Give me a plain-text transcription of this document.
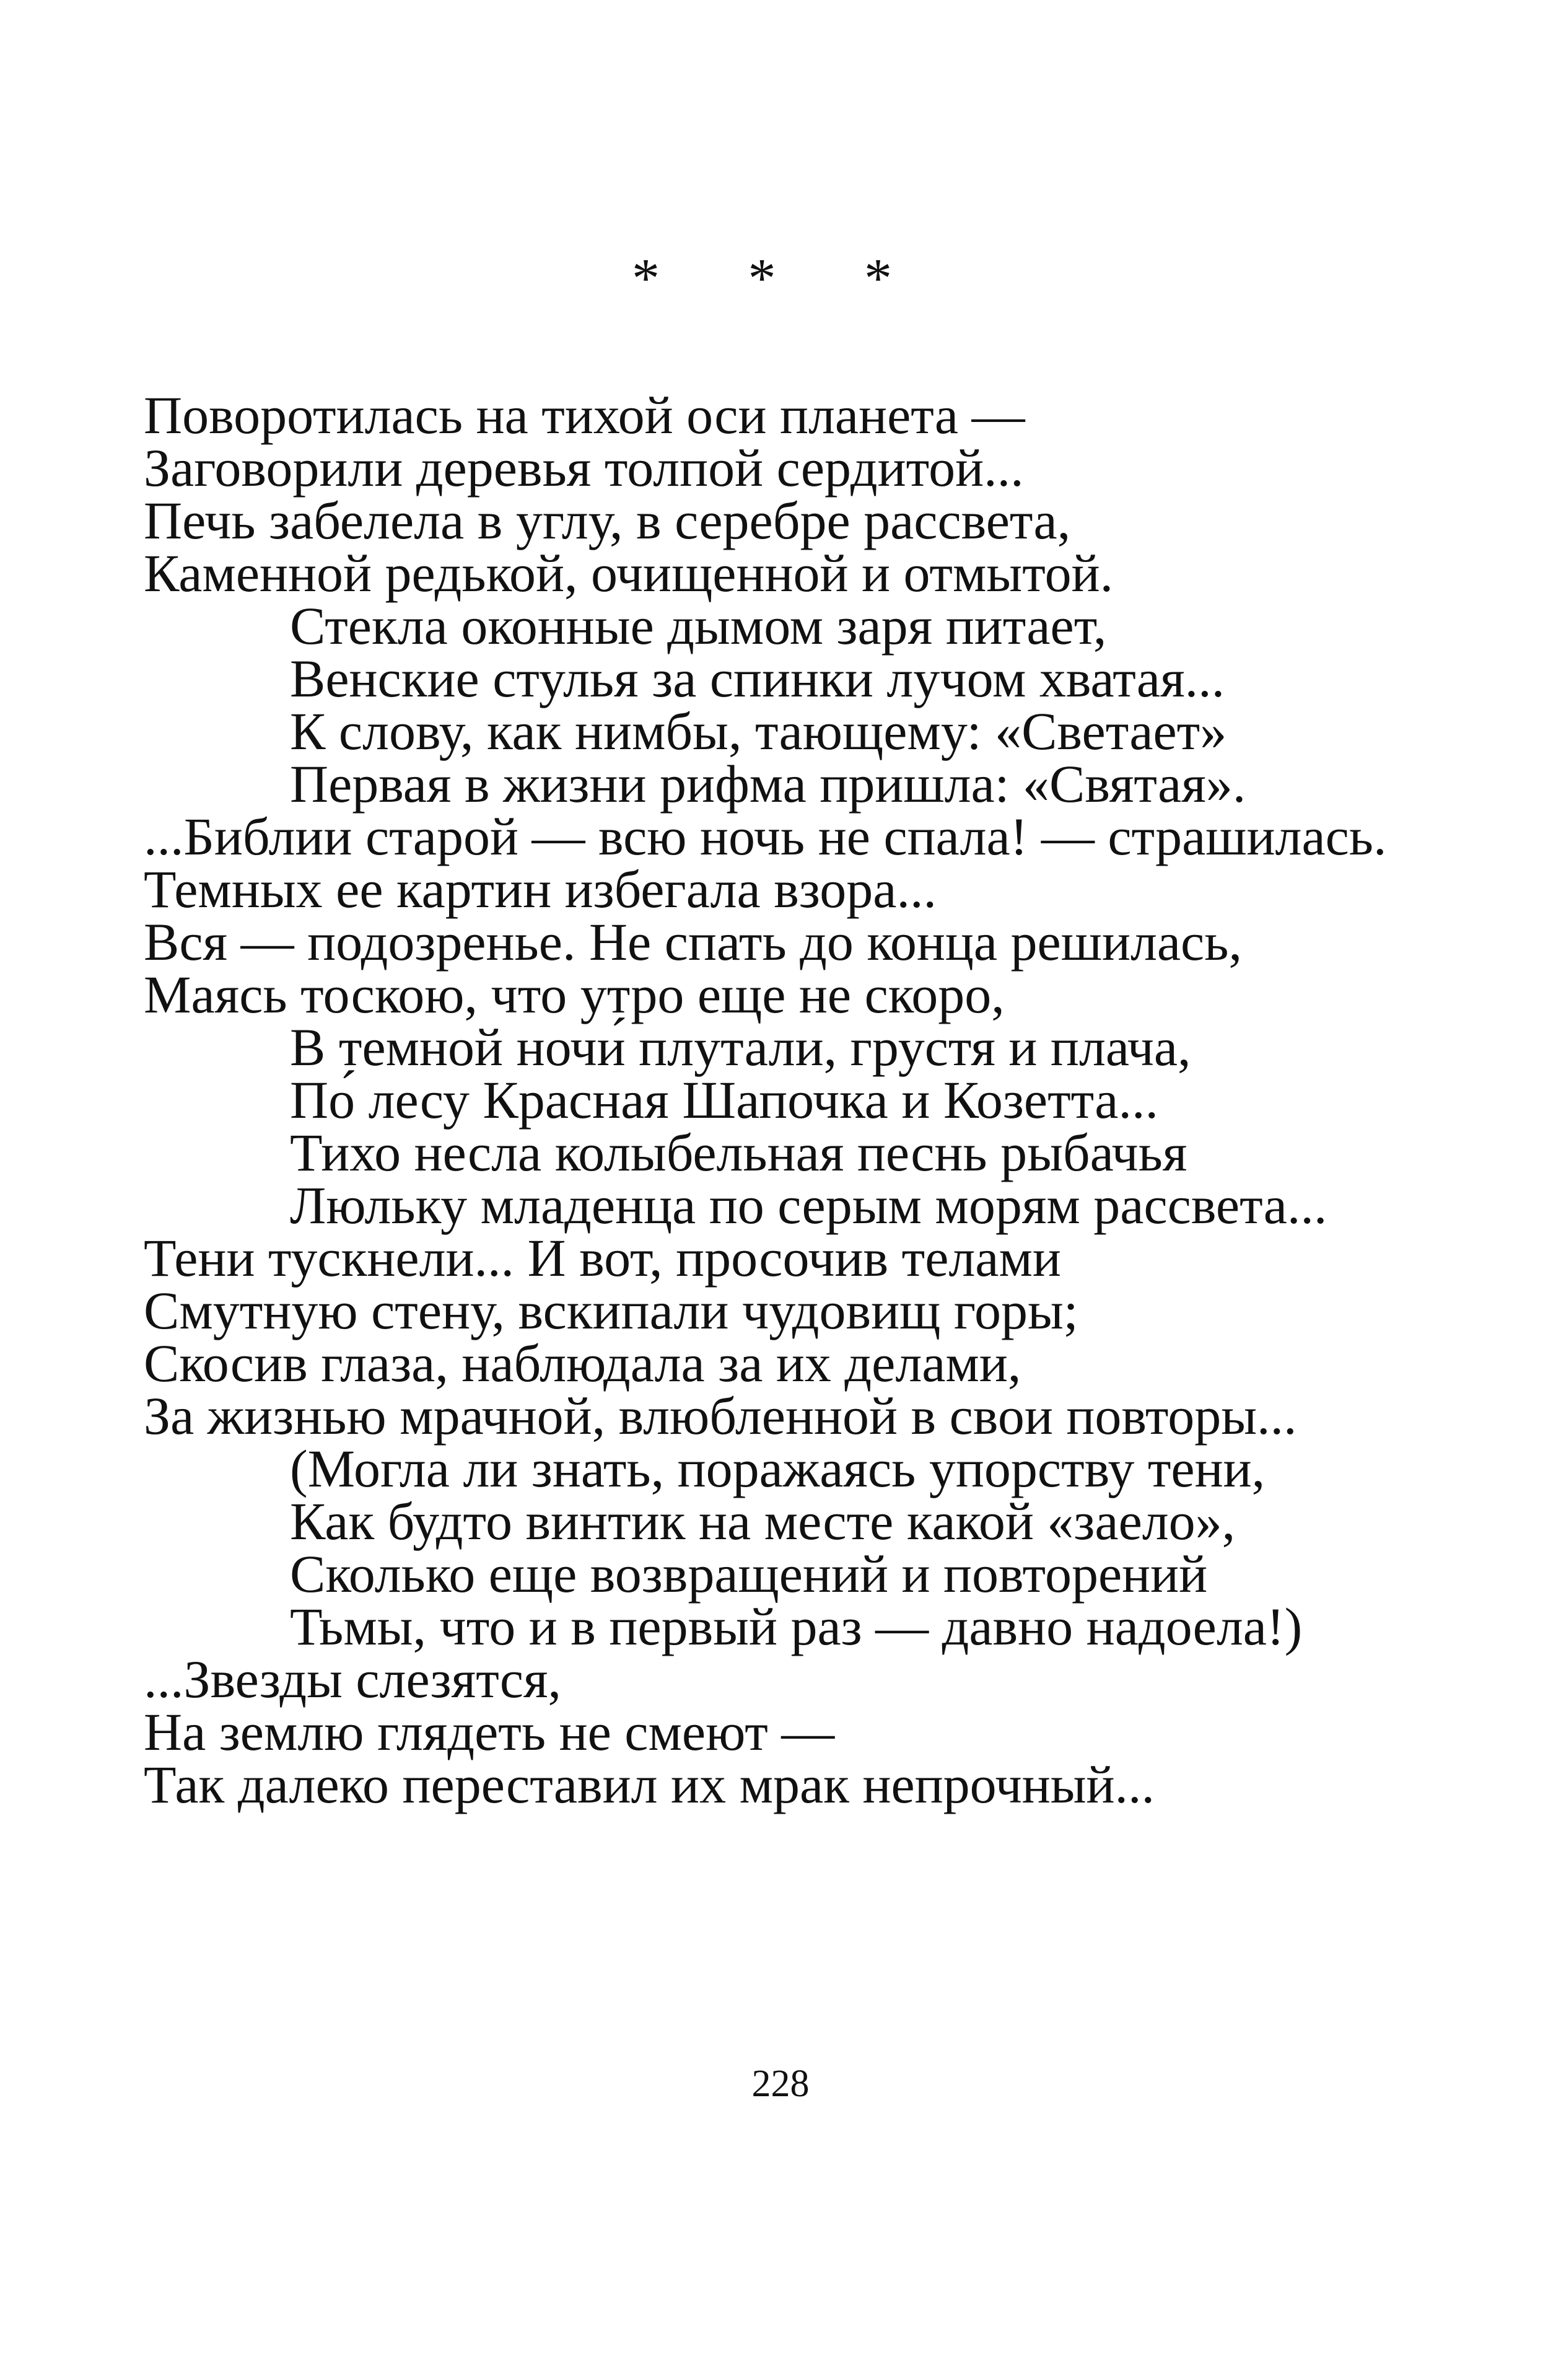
* * *
Поворотилась на тихой оси планета —
Заговорили деревья толпой сердитой...
Печь забелела в углу, в серебре рассвета,
Каменной редькой, очищенной и отмытой.
Стекла оконные дымом заря питает,
Венские стулья за спинки лучом хватая...
К слову, как нимбы, тающему: «Светает»
Первая в жизни рифма пришла: «Святая».
...Библии старой — всю ночь не спала! — страшилась.
Темных ее картин избегала взора...
Вся — подозренье. Не спать до конца решилась,
Маясь тоскою, что утро еще не скоро,
В темной ночи́ плутали, грустя и плача,
По́ лесу Красная Шапочка и Козетта...
Тихо несла колыбельная песнь рыбачья
Люльку младенца по серым морям рассвета...
Тени тускнели... И вот, просочив телами
Смутную стену, вскипали чудовищ горы;
Скосив глаза, наблюдала за их делами,
За жизнью мрачной, влюбленной в свои повторы...
(Могла ли знать, поражаясь упорству тени,
Как будто винтик на месте какой «заело»,
Сколько еще возвращений и повторений
Тьмы, что и в первый раз — давно надоела!)
...Звезды слезятся,
На землю глядеть не смеют —
Так далеко переставил их мрак непрочный...
228
